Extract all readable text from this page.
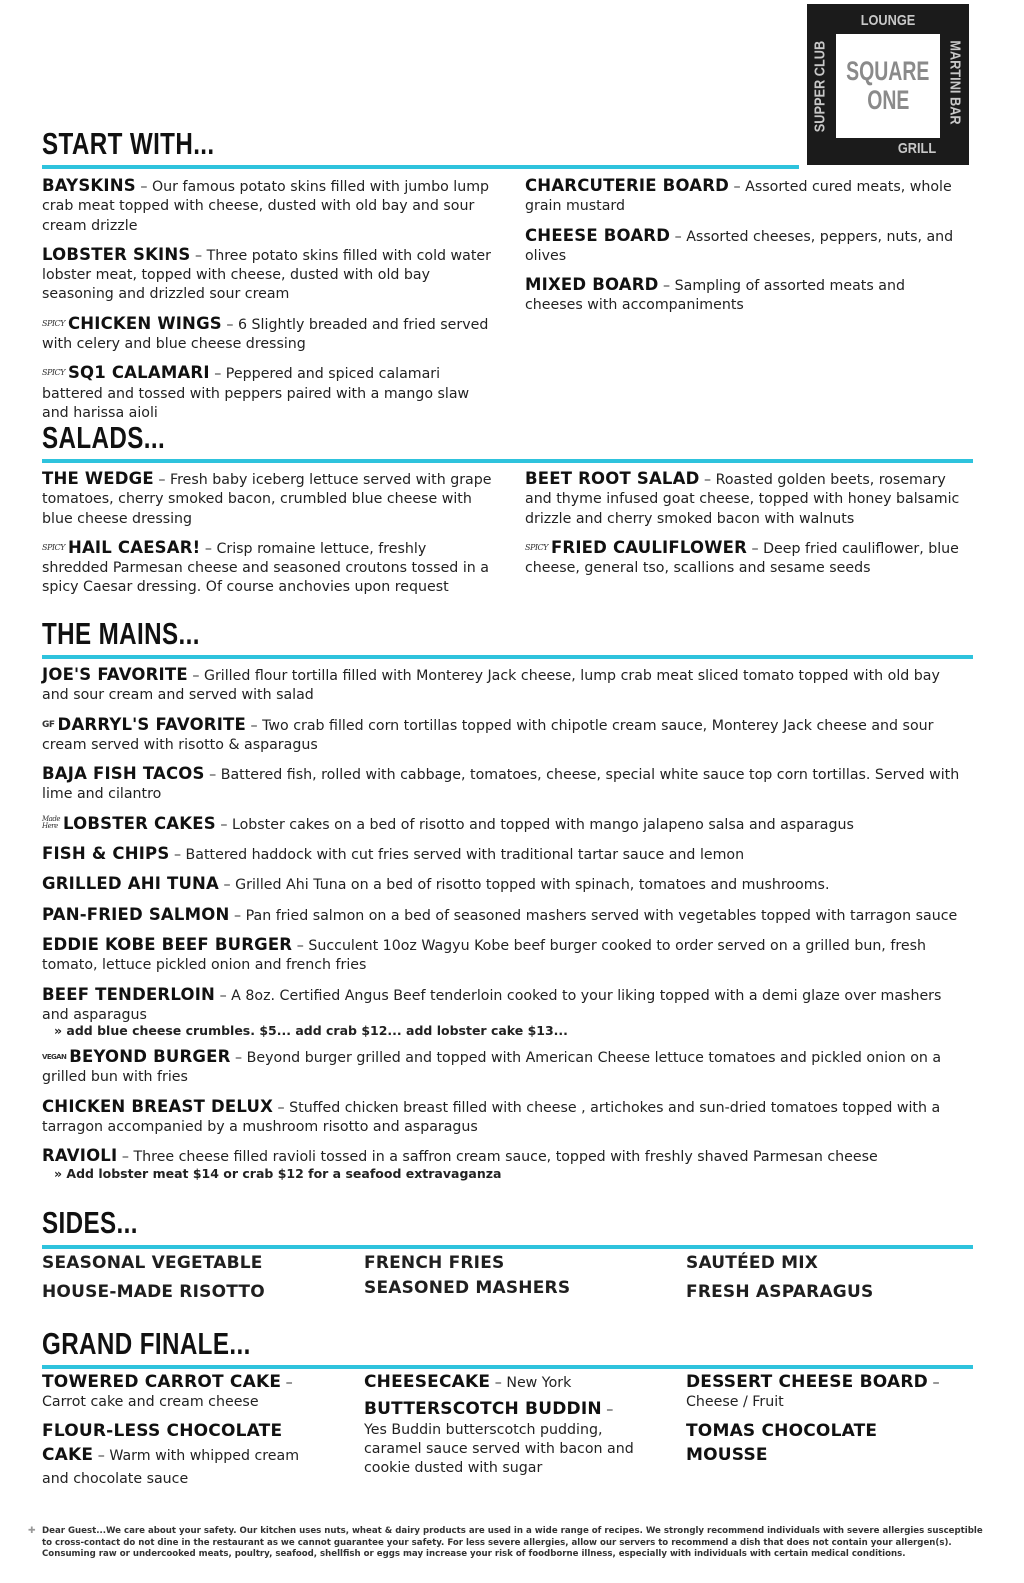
LOUNGE
SUPPER CLUB	MARTINI BAR
GRILL
SQUARE
ONE
START WITH...
BAYSKINS – Our famous potato skins filled with jumbo lump crab meat topped with cheese, dusted with old bay and sour cream drizzle
LOBSTER SKINS – Three potato skins filled with cold water lobster meat, topped with cheese, dusted with old bay seasoning and drizzled sour cream
SPICY CHICKEN WINGS – 6 Slightly breaded and fried served with celery and blue cheese dressing
SPICY SQ1 CALAMARI – Peppered and spiced calamari battered and tossed with peppers paired with a mango slaw and harissa aioli
CHARCUTERIE BOARD – Assorted cured meats, whole grain mustard
CHEESE BOARD – Assorted cheeses, peppers, nuts, and olives
MIXED BOARD – Sampling of assorted meats and cheeses with accompaniments
SALADS...
THE WEDGE – Fresh baby iceberg lettuce served with grape tomatoes, cherry smoked bacon, crumbled blue cheese with blue cheese dressing
SPICY HAIL CAESAR! – Crisp romaine lettuce, freshly shredded Parmesan cheese and seasoned croutons tossed in a spicy Caesar dressing. Of course anchovies upon request
BEET ROOT SALAD – Roasted golden beets, rosemary and thyme infused goat cheese, topped with honey balsamic drizzle and cherry smoked bacon with walnuts
SPICY FRIED CAULIFLOWER – Deep fried cauliflower, blue cheese, general tso, scallions and sesame seeds
THE MAINS...
JOE'S FAVORITE – Grilled flour tortilla filled with Monterey Jack cheese, lump crab meat sliced tomato topped with old bay and sour cream and served with salad
GF DARRYL'S FAVORITE – Two crab filled corn tortillas topped with chipotle cream sauce, Monterey Jack cheese and sour cream served with risotto & asparagus
BAJA FISH TACOS – Battered fish, rolled with cabbage, tomatoes, cheese, special white sauce top corn tortillas. Served with lime and cilantro
Made Here LOBSTER CAKES – Lobster cakes on a bed of risotto and topped with mango jalapeno salsa and asparagus
FISH & CHIPS – Battered haddock with cut fries served with traditional tartar sauce and lemon
GRILLED AHI TUNA – Grilled Ahi Tuna on a bed of risotto topped with spinach, tomatoes and mushrooms.
PAN-FRIED SALMON – Pan fried salmon on a bed of seasoned mashers served with vegetables topped with tarragon sauce
EDDIE KOBE BEEF BURGER – Succulent 10oz Wagyu Kobe beef burger cooked to order served on a grilled bun, fresh tomato, lettuce pickled onion and french fries
BEEF TENDERLOIN – A 8oz. Certified Angus Beef tenderloin cooked to your liking topped with a demi glaze over mashers and asparagus
» add blue cheese crumbles. $5... add crab $12... add lobster cake $13...
VEGAN BEYOND BURGER – Beyond burger grilled and topped with American Cheese lettuce tomatoes and pickled onion on a grilled bun with fries
CHICKEN BREAST DELUX – Stuffed chicken breast filled with cheese , artichokes and sun-dried tomatoes topped with a tarragon accompanied by a mushroom risotto and asparagus
RAVIOLI – Three cheese filled ravioli tossed in a saffron cream sauce, topped with freshly shaved Parmesan cheese
» Add lobster meat $14 or crab $12 for a seafood extravaganza
SIDES...
SEASONAL VEGETABLE
HOUSE-MADE RISOTTO
FRENCH FRIES
SEASONED MASHERS
SAUTÉED MIX
FRESH ASPARAGUS
GRAND FINALE...
TOWERED CARROT CAKE –
Carrot cake and cream cheese
FLOUR-LESS CHOCOLATE CAKE – Warm with whipped cream and chocolate sauce
CHEESECAKE – New York
BUTTERSCOTCH BUDDIN –
Yes Buddin butterscotch pudding, caramel sauce served with bacon and cookie dusted with sugar
DESSERT CHEESE BOARD –
Cheese / Fruit
TOMAS CHOCOLATE MOUSSE
✚ Dear Guest...We care about your safety. Our kitchen uses nuts, wheat & dairy products are used in a wide range of recipes. We strongly recommend individuals with severe allergies susceptible to cross-contact do not dine in the restaurant as we cannot guarantee your safety. For less severe allergies, allow our servers to recommend a dish that does not contain your allergen(s). Consuming raw or undercooked meats, poultry, seafood, shellfish or eggs may increase your risk of foodborne illness, especially with individuals with certain medical conditions.
